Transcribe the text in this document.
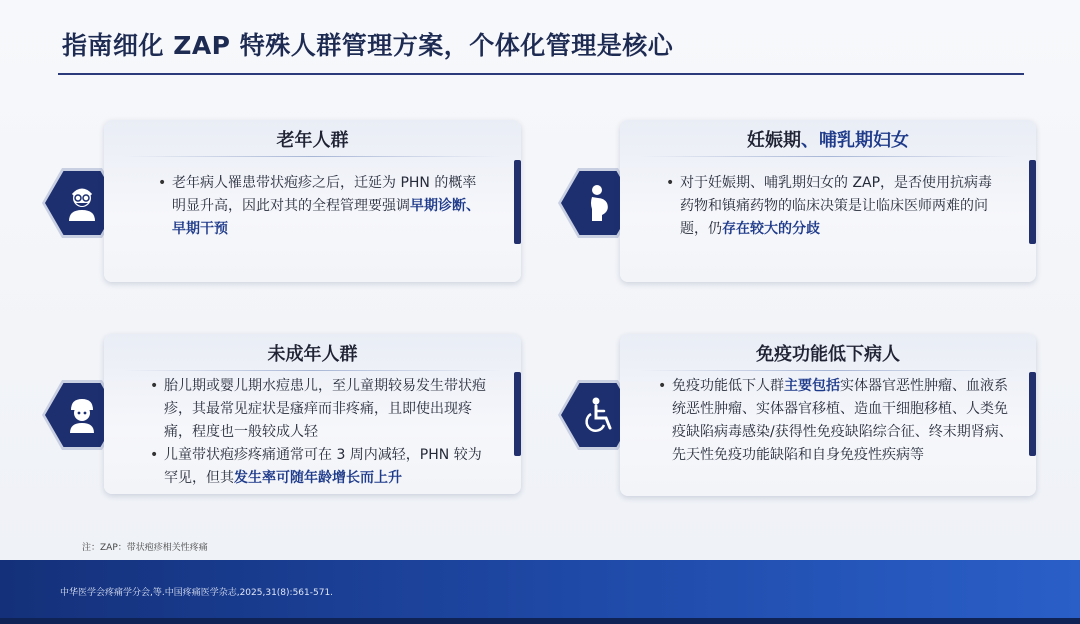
指南细化 ZAP 特殊人群管理方案，个体化管理是核心
老年人群
• 老年病人罹患带状疱疹之后，迁延为 PHN 的概率明显升高，因此对其的全程管理要强调早期诊断、早期干预
妊娠期、哺乳期妇女
• 对于妊娠期、哺乳期妇女的 ZAP，是否使用抗病毒药物和镇痛药物的临床决策是让临床医师两难的问题，仍存在较大的分歧
未成年人群
• 胎儿期或婴儿期水痘患儿，至儿童期较易发生带状疱疹，其最常见症状是瘙痒而非疼痛，且即使出现疼痛，程度也一般较成人轻
• 儿童带状疱疹疼痛通常可在 3 周内减轻，PHN 较为罕见，但其发生率可随年龄增长而上升
免疫功能低下病人
• 免疫功能低下人群主要包括实体器官恶性肿瘤、血液系统恶性肿瘤、实体器官移植、造血干细胞移植、人类免疫缺陷病毒感染/获得性免疫缺陷综合征、终末期肾病、先天性免疫功能缺陷和自身免疫性疾病等
注：ZAP：带状疱疹相关性疼痛
中华医学会疼痛学分会,等.中国疼痛医学杂志,2025,31(8):561-571.
